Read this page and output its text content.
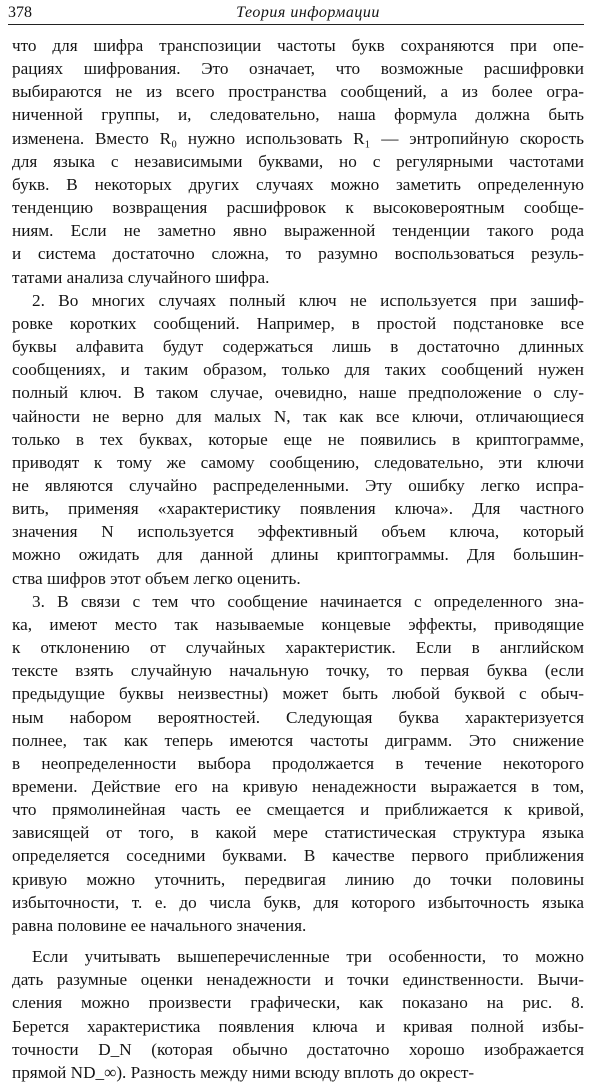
378	Теория информации

что для шифра транспозиции частоты букв сохраняются при опе-
рациях шифрования. Это означает, что возможные расшифровки
выбираются не из всего пространства сообщений, а из более огра-
ниченной группы, и, следовательно, наша формула должна быть
изменена. Вместо R₀ нужно использовать R₁ — энтропийную скорость
для языка с независимыми буквами, но с регулярными частотами
букв. В некоторых других случаях можно заметить определенную
тенденцию возвращения расшифровок к высоковероятным сообще-
ниям. Если не заметно явно выраженной тенденции такого рода
и система достаточно сложна, то разумно воспользоваться резуль-
татами анализа случайного шифра.

2. Во многих случаях полный ключ не используется при зашиф-
ровке коротких сообщений. Например, в простой подстановке все
буквы алфавита будут содержаться лишь в достаточно длинных
сообщениях, и таким образом, только для таких сообщений нужен
полный ключ. В таком случае, очевидно, наше предположение о слу-
чайности не верно для малых N, так как все ключи, отличающиеся
только в тех буквах, которые еще не появились в криптограмме,
приводят к тому же самому сообщению, следовательно, эти ключи
не являются случайно распределенными. Эту ошибку легко испра-
вить, применяя «характеристику появления ключа». Для частного
значения N используется эффективный объем ключа, который
можно ожидать для данной длины криптограммы. Для большин-
ства шифров этот объем легко оценить.

3. В связи с тем что сообщение начинается с определенного зна-
ка, имеют место так называемые концевые эффекты, приводящие
к отклонению от случайных характеристик. Если в английском
тексте взять случайную начальную точку, то первая буква (если
предыдущие буквы неизвестны) может быть любой буквой с обыч-
ным набором вероятностей. Следующая буква характеризуется
полнее, так как теперь имеются частоты диграмм. Это снижение
в неопределенности выбора продолжается в течение некоторого
времени. Действие его на кривую ненадежности выражается в том,
что прямолинейная часть ее смещается и приближается к кривой,
зависящей от того, в какой мере статистическая структура языка
определяется соседними буквами. В качестве первого приближения
кривую можно уточнить, передвигая линию до точки половины
избыточности, т. е. до числа букв, для которого избыточность языка
равна половине ее начального значения.

Если учитывать вышеперечисленные три особенности, то можно
дать разумные оценки ненадежности и точки единственности. Вычи-
сления можно произвести графически, как показано на рис. 8.
Берется характеристика появления ключа и кривая полной избы-
точности D_N (которая обычно достаточно хорошо изображается
прямой ND_∞). Разность между ними всюду вплоть до окрест-
